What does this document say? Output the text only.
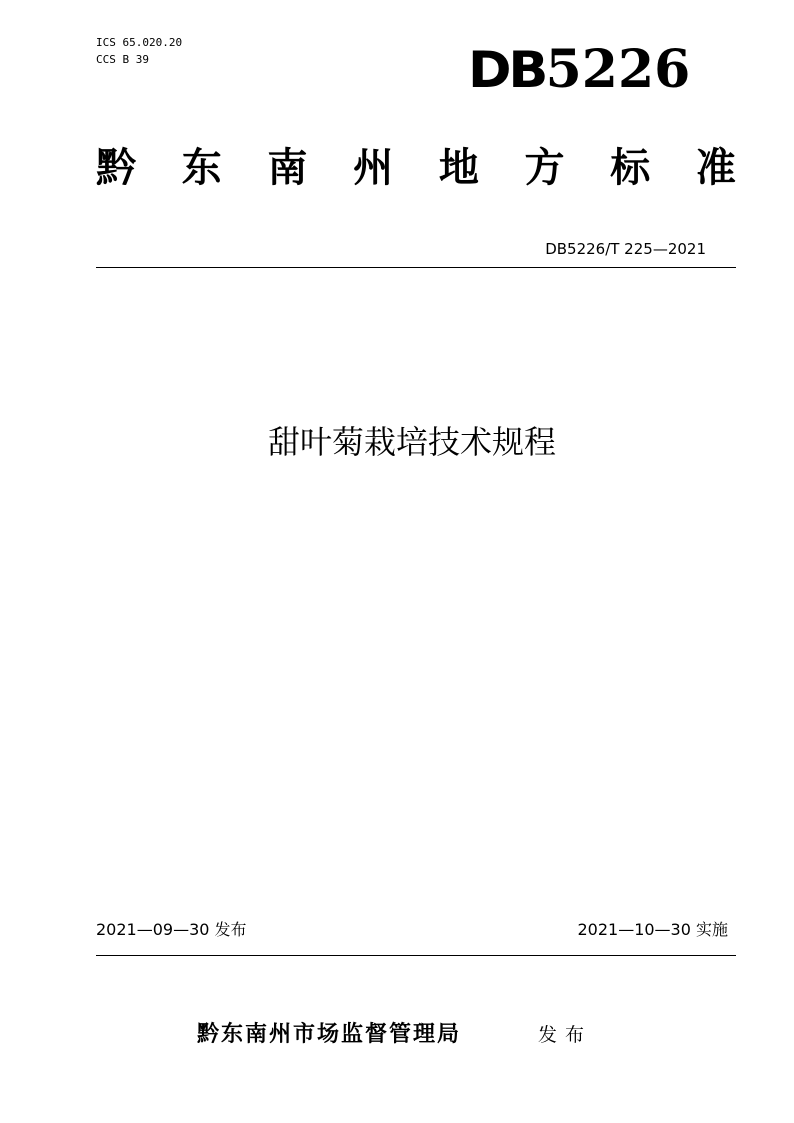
ICS 65.020.20
CCS B 39	DB5226
黔 东 南 州 地 方 标 准
DB5226/T 225—2021
甜叶菊栽培技术规程
2021—09—30 发布	2021—10—30 实施
黔东南州市场监督管理局	发布
